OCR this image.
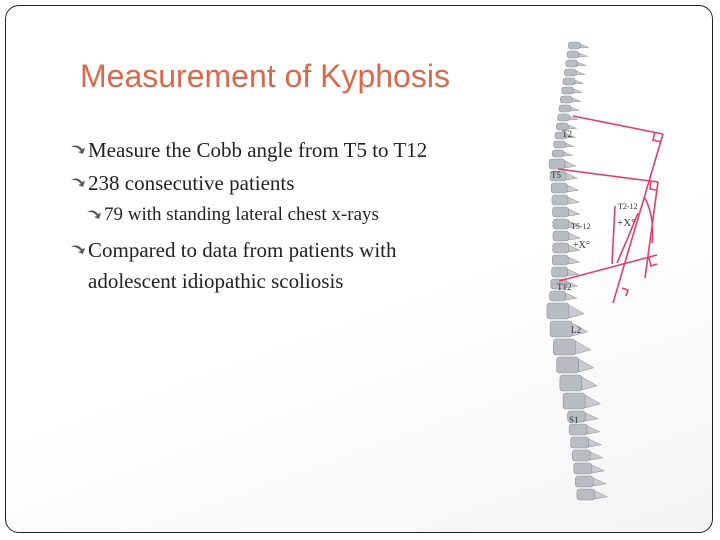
Measurement of Kyphosis
Measure the Cobb angle from T5 to T12
238 consecutive patients
79 with standing lateral chest x-rays
Compared to data from patients with adolescent idiopathic scoliosis
T2
T5
T2-12
+X°
T5-12
+X°
T12
L2
S1
